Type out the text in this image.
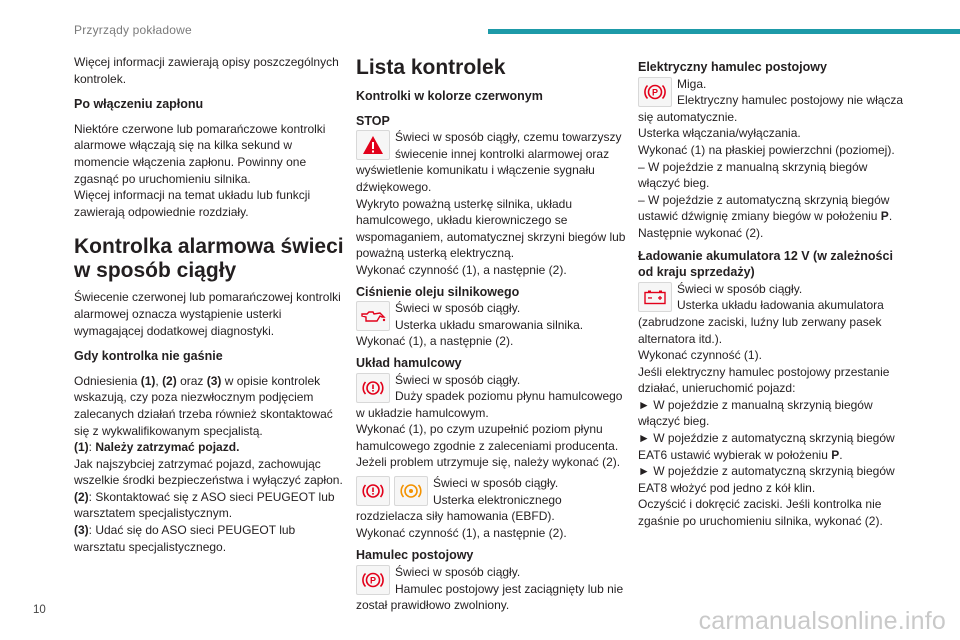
Przyrządy pokładowe

Więcej informacji zawierają opisy poszczególnych kontrolek.

Po włączeniu zapłonu

Niektóre czerwone lub pomarańczowe kontrolki alarmowe włączają się na kilka sekund w momencie włączenia zapłonu. Powinny one zgasnąć po uruchomieniu silnika.

Więcej informacji na temat układu lub funkcji zawierają odpowiednie rozdziały.

Kontrolka alarmowa świeci w sposób ciągły

Świecenie czerwonej lub pomarańczowej kontrolki alarmowej oznacza wystąpienie usterki wymagającej dodatkowej diagnostyki.

Gdy kontrolka nie gaśnie

Odniesienia (1), (2) oraz (3) w opisie kontrolek wskazują, czy poza niezwłocznym podjęciem zalecanych działań trzeba również skontaktować się z wykwalifikowanym specjalistą.

(1): Należy zatrzymać pojazd.

Jak najszybciej zatrzymać pojazd, zachowując wszelkie środki bezpieczeństwa i wyłączyć zapłon.

(2): Skontaktować się z ASO sieci PEUGEOT lub warsztatem specjalistycznym.

(3): Udać się do ASO sieci PEUGEOT lub warsztatu specjalistycznego.

Lista kontrolek

Kontrolki w kolorze czerwonym

STOP

Świeci w sposób ciągły, czemu towarzyszy świecenie innej kontrolki alarmowej oraz wyświetlenie komunikatu i włączenie sygnału dźwiękowego.

Wykryto poważną usterkę silnika, układu hamulcowego, układu kierowniczego se wspomaganiem, automatycznej skrzyni biegów lub poważną usterką elektryczną.

Wykonać czynność (1), a następnie (2).

Ciśnienie oleju silnikowego

Świeci w sposób ciągły.

Usterka układu smarowania silnika.

Wykonać (1), a następnie (2).

Układ hamulcowy

Świeci w sposób ciągły.

Duży spadek poziomu płynu hamulcowego w układzie hamulcowym.

Wykonać (1), po czym uzupełnić poziom płynu hamulcowego zgodnie z zaleceniami producenta.

Jeżeli problem utrzymuje się, należy wykonać (2).

Świeci w sposób ciągły.

Usterka elektronicznego rozdzielacza siły hamowania (EBFD).

Wykonać czynność (1), a następnie (2).

Hamulec postojowy

P

Świeci w sposób ciągły.

Hamulec postojowy jest zaciągnięty lub nie został prawidłowo zwolniony.

Elektryczny hamulec postojowy

P

Miga.

Elektryczny hamulec postojowy nie włącza się automatycznie.

Usterka włączania/wyłączania.

Wykonać (1) na płaskiej powierzchni (poziomej).

– W pojeździe z manualną skrzynią biegów włączyć bieg.

– W pojeździe z automatyczną skrzynią biegów ustawić dźwignię zmiany biegów w położeniu P.

Następnie wykonać (2).

Ładowanie akumulatora 12 V (w zależności od kraju sprzedaży)

Świeci w sposób ciągły.

Usterka układu ładowania akumulatora (zabrudzone zaciski, luźny lub zerwany pasek alternatora itd.).

Wykonać czynność (1).

Jeśli elektryczny hamulec postojowy przestanie działać, unieruchomić pojazd:

► W pojeździe z manualną skrzynią biegów włączyć bieg.

► W pojeździe z automatyczną skrzynią biegów EAT6 ustawić wybierak w położeniu P.

► W pojeździe z automatyczną skrzynią biegów EAT8 włożyć pod jedno z kół klin.

Oczyścić i dokręcić zaciski. Jeśli kontrolka nie zgaśnie po uruchomieniu silnika, wykonać (2).

10	carmanualsonline.info
